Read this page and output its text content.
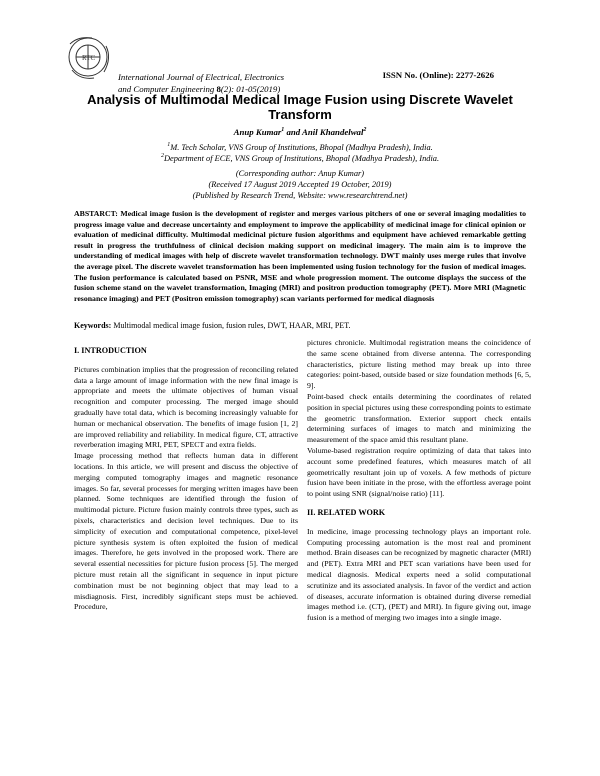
RTC
International Journal of Electrical, Electronics
and Computer Engineering 8(2): 01-05(2019)
ISSN No. (Online): 2277-2626
Analysis of Multimodal Medical Image Fusion using Discrete Wavelet Transform
Anup Kumar$^1$ and Anil Khandelwal$^2$
$^1$M. Tech Scholar, VNS Group of Institutions, Bhopal (Madhya Pradesh), India.
$^2$Department of ECE, VNS Group of Institutions, Bhopal (Madhya Pradesh), India.
(Corresponding author: Anup Kumar)
(Received 17 August 2019 Accepted 19 October, 2019)
(Published by Research Trend, Website: www.researchtrend.net)
ABSTARCT: Medical image fusion is the development of register and merges various pitchers of one or several imaging modalities to progress image value and decrease uncertainty and employment to improve the applicability of medicinal image for clinical opinion or evaluation of medicinal difficulty. Multimodal medicinal picture fusion algorithms and equipment have achieved remarkable getting result in progress the truthfulness of clinical decision making support on medicinal imagery. The main aim is to improve the understanding of medical images with help of discrete wavelet transformation technology. DWT mainly uses merge rules that involve the average pixel. The discrete wavelet transformation has been implemented using fusion technology for the fusion of medical images. The fusion performance is calculated based on PSNR, MSE and whole progression moment. The outcome displays the success of the fusion scheme stand on the wavelet transformation, Imaging (MRI) and positron production tomography (PET). More MRI (Magnetic resonance imaging) and PET (Positron emission tomography) scan variants performed for medical diagnosis
Keywords: Multimodal medical image fusion, fusion rules, DWT, HAAR, MRI, PET.
I. INTRODUCTION
Pictures combination implies that the progression of reconciling related data a large amount of image information with the new final image is appropriate and meets the ultimate objectives of human visual recognition and computer processing. The merged image should gradually have total data, which is becoming increasingly valuable for human or mechanical observation. The benefits of image fusion [1, 2] are improved reliability and reliability. In medical figure, CT, attractive reverberation imaging MRI, PET, SPECT and extra fields.
Image processing method that reflects human data in different locations. In this article, we will present and discuss the objective of merging computed tomography images and magnetic resonance images. So far, several processes for merging written images have been planned. Some techniques are identified through the fusion of multimodal picture. Picture fusion mainly controls three types, such as pixels, characteristics and decision level techniques. Due to its simplicity of execution and computational competence, pixel-level picture synthesis system is often exploited the fusion of medical images. Therefore, he gets involved in the proposed work. There are several essential necessities for picture fusion process [5]. The merged picture must retain all the significant in sequence in input picture combination must be not beginning object that may lead to a misdiagnosis. First, incredibly significant steps must be achieved. Procedure,
pictures chronicle. Multimodal registration means the coincidence of the same scene obtained from diverse antenna. The corresponding characteristics, picture listing method may break up into three categories: point-based, outside based or size foundation methods [6, 5, 9].
Point-based check entails determining the coordinates of related position in special pictures using these corresponding points to estimate the geometric transformation. Exterior support check entails determining surfaces of images to match and minimizing the measurement of the space amid this resultant plane.
Volume-based registration require optimizing of data that takes into account some predefined features, which measures match of all geometrically resultant join up of voxels. A few methods of picture fusion have been initiate in the prose, with the effortless average point to point using SNR (signal/noise ratio) [11].
II. RELATED WORK
In medicine, image processing technology plays an important role. Computing processing automation is the most real and prominent method. Brain diseases can be recognized by magnetic character (MRI) and (PET). Extra MRI and PET scan variations have been used for medical diagnosis. Medical experts need a solid computational scrutinize and its associated analysis. In favor of the verdict and action of diseases, accurate information is obtained during diverse remedial images method i.e. (CT), (PET) and MRI). In figure giving out, image fusion is a method of merging two images into a single image.
